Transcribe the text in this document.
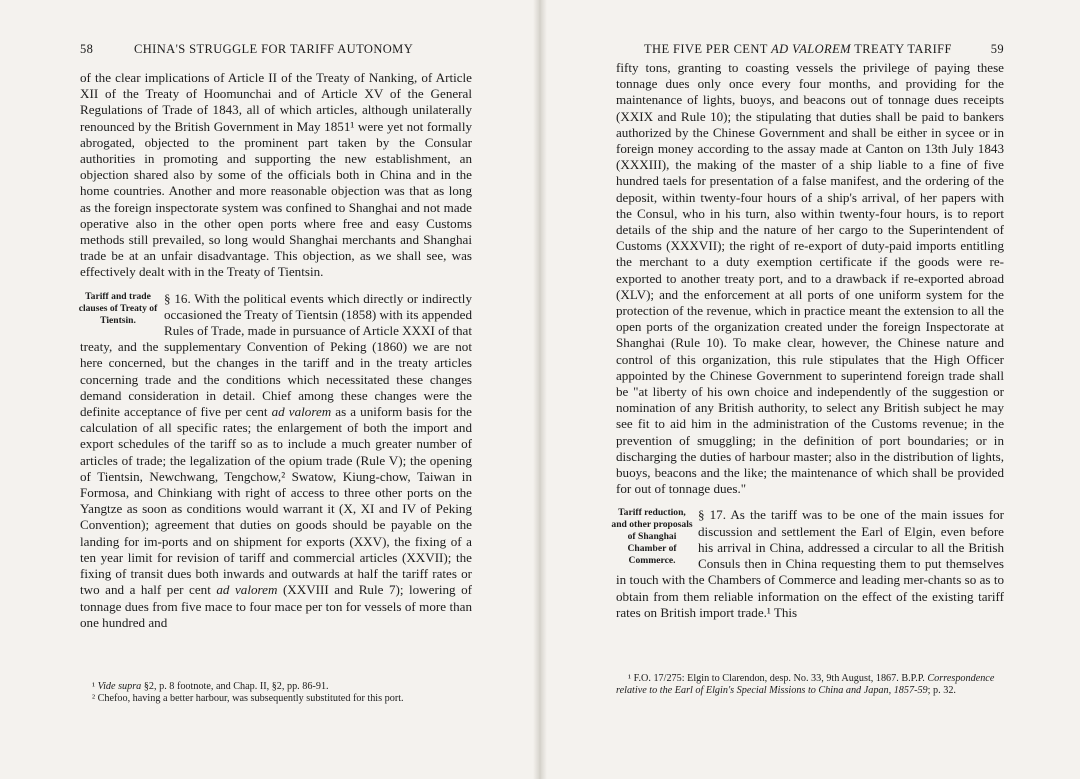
58	CHINA'S STRUGGLE FOR TARIFF AUTONOMY

of the clear implications of Article II of the Treaty of Nanking, of Article XII of the Treaty of Hoomunchai and of Article XV of the General Regulations of Trade of 1843, all of which articles, although unilaterally renounced by the British Government in May 1851¹ were yet not formally abrogated, objected to the prominent part taken by the Consular authorities in promoting and supporting the new establishment, an objection shared also by some of the officials both in China and in the home countries. Another and more reasonable objection was that as long as the foreign inspectorate system was confined to Shanghai and not made operative also in the other open ports where free and easy Customs methods still prevailed, so long would Shanghai merchants and Shanghai trade be at an unfair disadvantage. This objection, as we shall see, was effectively dealt with in the Treaty of Tientsin.

Tariff and trade clauses of Treaty of Tientsin.
§ 16. With the political events which directly or indirectly occasioned the Treaty of Tientsin (1858) with its appended Rules of Trade, made in pursuance of Article XXXI of that treaty, and the supplementary Convention of Peking (1860) we are not here concerned, but the changes in the tariff and in the treaty articles concerning trade and the conditions which necessitated these changes demand consideration in detail. Chief among these changes were the definite acceptance of five per cent ad valorem as a uniform basis for the calculation of all specific rates; the enlargement of both the import and export schedules of the tariff so as to include a much greater number of articles of trade; the legalization of the opium trade (Rule V); the opening of Tientsin, Newchwang, Tengchow,² Swatow, Kiung-chow, Taiwan in Formosa, and Chinkiang with right of access to three other ports on the Yangtze as soon as conditions would warrant it (X, XI and IV of Peking Convention); agreement that duties on goods should be payable on the landing for im-ports and on shipment for exports (XXV), the fixing of a ten year limit for revision of tariff and commercial articles (XXVII); the fixing of transit dues both inwards and outwards at half the tariff rates or two and a half per cent ad valorem (XXVIII and Rule 7); lowering of tonnage dues from five mace to four mace per ton for vessels of more than one hundred and

¹ Vide supra §2, p. 8 footnote, and Chap. II, §2, pp. 86-91.

² Chefoo, having a better harbour, was subsequently substituted for this port.

THE FIVE PER CENT AD VALOREM TREATY TARIFF	59

fifty tons, granting to coasting vessels the privilege of paying these tonnage dues only once every four months, and providing for the maintenance of lights, buoys, and beacons out of tonnage dues receipts (XXIX and Rule 10); the stipulating that duties shall be paid to bankers authorized by the Chinese Government and shall be either in sycee or in foreign money according to the assay made at Canton on 13th July 1843 (XXXIII), the making of the master of a ship liable to a fine of five hundred taels for presentation of a false manifest, and the ordering of the deposit, within twenty-four hours of a ship's arrival, of her papers with the Consul, who in his turn, also within twenty-four hours, is to report details of the ship and the nature of her cargo to the Superintendent of Customs (XXXVII); the right of re-export of duty-paid imports entitling the merchant to a duty exemption certificate if the goods were re-exported to another treaty port, and to a drawback if re-exported abroad (XLV); and the enforcement at all ports of one uniform system for the protection of the revenue, which in practice meant the extension to all the open ports of the organization created under the foreign Inspectorate at Shanghai (Rule 10). To make clear, however, the Chinese nature and control of this organization, this rule stipulates that the High Officer appointed by the Chinese Government to superintend foreign trade shall be "at liberty of his own choice and independently of the suggestion or nomination of any British authority, to select any British subject he may see fit to aid him in the administration of the Customs revenue; in the prevention of smuggling; in the definition of port boundaries; or in discharging the duties of harbour master; also in the distribution of lights, buoys, beacons and the like; the maintenance of which shall be provided for out of tonnage dues."

Tariff reduction, and other proposals of Shanghai Chamber of Commerce.
§ 17. As the tariff was to be one of the main issues for discussion and settlement the Earl of Elgin, even before his arrival in China, addressed a circular to all the British Consuls then in China requesting them to put themselves in touch with the Chambers of Commerce and leading mer-chants so as to obtain from them reliable information on the effect of the existing tariff rates on British import trade.¹ This

¹ F.O. 17/275: Elgin to Clarendon, desp. No. 33, 9th August, 1867. B.P.P. Correspondence relative to the Earl of Elgin's Special Missions to China and Japan, 1857-59; p. 32.
